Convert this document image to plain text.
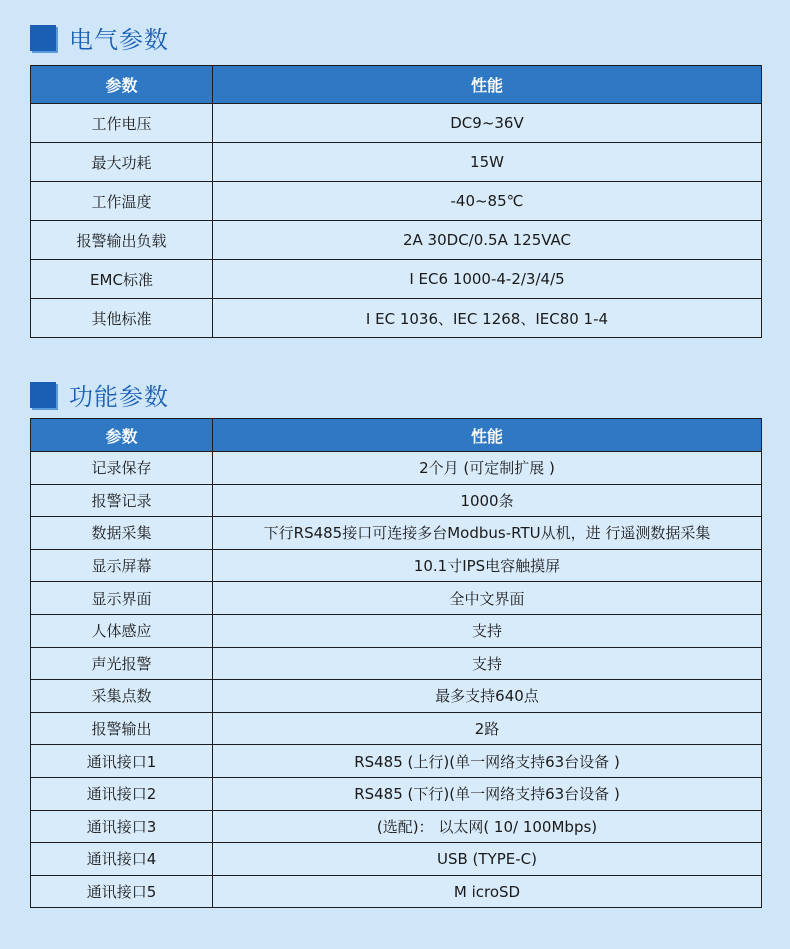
电气参数
参数	性能
工作电压	DC9~36V
最大功耗	15W
工作温度	-40~85℃
报警输出负载	2A 30DC/0.5A 125VAC
EMC标准	I EC6 1000-4-2/3/4/5
其他标准	I EC 1036、IEC 1268、IEC80 1-4
功能参数
参数	性能
记录保存	2个月 (可定制扩展 )
报警记录	1000条
数据采集	下行RS485接口可连接多台Modbus-RTU从机，进 行遥测数据采集
显示屏幕	10.1寸IPS电容触摸屏
显示界面	全中文界面
人体感应	支持
声光报警	支持
采集点数	最多支持640点
报警输出	2路
通讯接口1	RS485 (上行)(单一网络支持63台设备 )
通讯接口2	RS485 (下行)(单一网络支持63台设备 )
通讯接口3	(选配)： 以太网( 10/ 100Mbps)
通讯接口4	USB (TYPE-C)
通讯接口5	M icroSD
